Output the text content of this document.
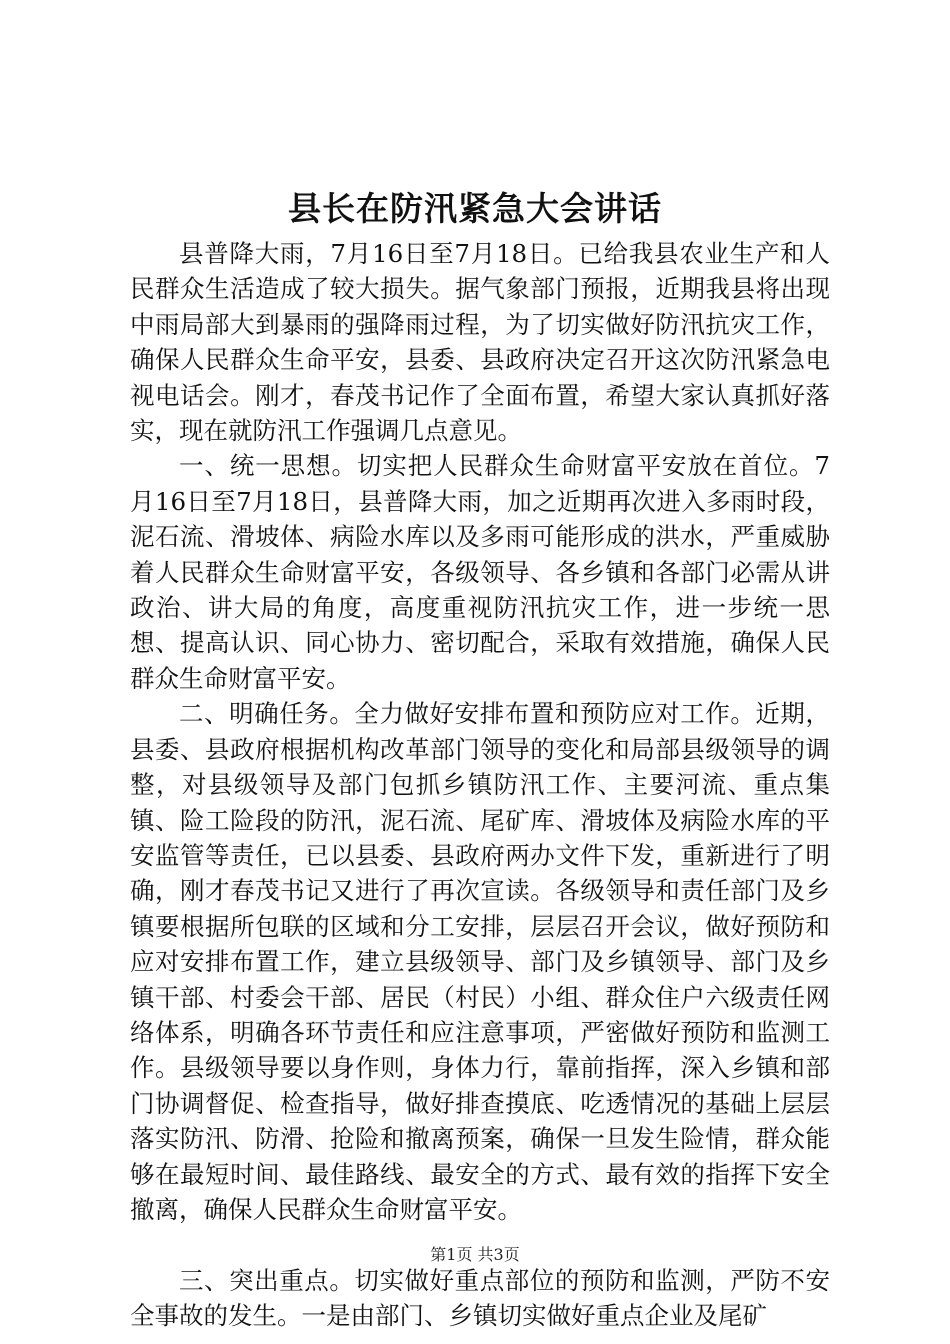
县长在防汛紧急大会讲话

县普降大雨，7月16日至7月18日。已给我县农业生产和人民群众生活造成了较大损失。据气象部门预报，近期我县将出现中雨局部大到暴雨的强降雨过程，为了切实做好防汛抗灾工作，确保人民群众生命平安，县委、县政府决定召开这次防汛紧急电视电话会。刚才，春茂书记作了全面布置，希望大家认真抓好落实，现在就防汛工作强调几点意见。

一、统一思想。切实把人民群众生命财富平安放在首位。7月16日至7月18日，县普降大雨，加之近期再次进入多雨时段，泥石流、滑坡体、病险水库以及多雨可能形成的洪水，严重威胁着人民群众生命财富平安，各级领导、各乡镇和各部门必需从讲政治、讲大局的角度，高度重视防汛抗灾工作，进一步统一思想、提高认识、同心协力、密切配合，采取有效措施，确保人民群众生命财富平安。

二、明确任务。全力做好安排布置和预防应对工作。近期，县委、县政府根据机构改革部门领导的变化和局部县级领导的调整，对县级领导及部门包抓乡镇防汛工作、主要河流、重点集镇、险工险段的防汛，泥石流、尾矿库、滑坡体及病险水库的平安监管等责任，已以县委、县政府两办文件下发，重新进行了明确，刚才春茂书记又进行了再次宣读。各级领导和责任部门及乡镇要根据所包联的区域和分工安排，层层召开会议，做好预防和应对安排布置工作，建立县级领导、部门及乡镇领导、部门及乡镇干部、村委会干部、居民（村民）小组、群众住户六级责任网络体系，明确各环节责任和应注意事项，严密做好预防和监测工作。县级领导要以身作则，身体力行，靠前指挥，深入乡镇和部门协调督促、检查指导，做好排查摸底、吃透情况的基础上层层落实防汛、防滑、抢险和撤离预案，确保一旦发生险情，群众能够在最短时间、最佳路线、最安全的方式、最有效的指挥下安全撤离，确保人民群众生命财富平安。

三、突出重点。切实做好重点部位的预防和监测，严防不安全事故的发生。一是由部门、乡镇切实做好重点企业及尾矿

第1页 共3页
